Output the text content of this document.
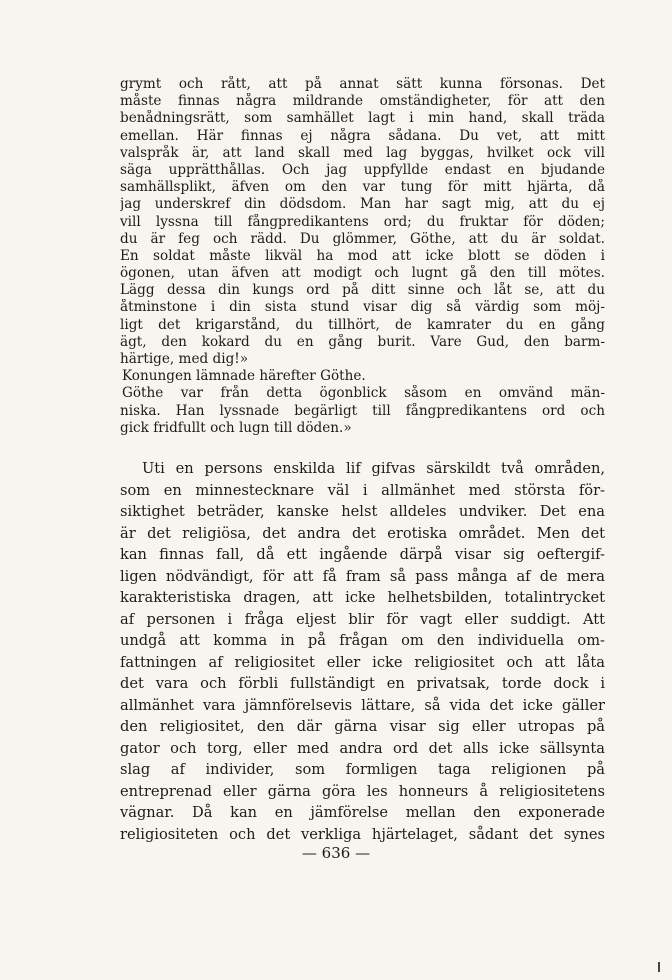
grymt och rått, att på annat sätt kunna försonas. Det
måste finnas några mildrande omständigheter, för att den
benådningsrätt, som samhället lagt i min hand, skall träda
emellan. Här finnas ej några sådana. Du vet, att mitt
valspråk är, att land skall med lag byggas, hvilket ock vill
säga upprätthållas. Och jag uppfyllde endast en bjudande
samhällsplikt, äfven om den var tung för mitt hjärta, då
jag underskref din dödsdom. Man har sagt mig, att du ej
vill lyssna till fångpredikantens ord; du fruktar för döden;
du är feg och rädd. Du glömmer, Göthe, att du är soldat.
En soldat måste likväl ha mod att icke blott se döden i
ögonen, utan äfven att modigt och lugnt gå den till mötes.
Lägg dessa din kungs ord på ditt sinne och låt se, att du
åtminstone i din sista stund visar dig så värdig som möj-
ligt det krigarstånd, du tillhört, de kamrater du en gång
ägt, den kokard du en gång burit. Vare Gud, den barm-
härtige, med dig!»
Konungen lämnade härefter Göthe.
Göthe var från detta ögonblick såsom en omvänd män-
niska. Han lyssnade begärligt till fångpredikantens ord och
gick fridfullt och lugn till döden.»
Uti en persons enskilda lif gifvas särskildt två områden,
som en minnestecknare väl i allmänhet med största för-
siktighet beträder, kanske helst alldeles undviker. Det ena
är det religiösa, det andra det erotiska området. Men det
kan finnas fall, då ett ingående därpå visar sig oeftergif-
ligen nödvändigt, för att få fram så pass många af de mera
karakteristiska dragen, att icke helhetsbilden, totalintrycket
af personen i fråga eljest blir för vagt eller suddigt. Att
undgå att komma in på frågan om den individuella om-
fattningen af religiositet eller icke religiositet och att låta
det vara och förbli fullständigt en privatsak, torde dock i
allmänhet vara jämnförelsevis lättare, så vida det icke gäller
den religiositet, den där gärna visar sig eller utropas på
gator och torg, eller med andra ord det alls icke sällsynta
slag af individer, som formligen taga religionen på
entreprenad eller gärna göra les honneurs å religiositetens
vägnar. Då kan en jämförelse mellan den exponerade
religiositeten och det verkliga hjärtelaget, sådant det synes
— 636 —
